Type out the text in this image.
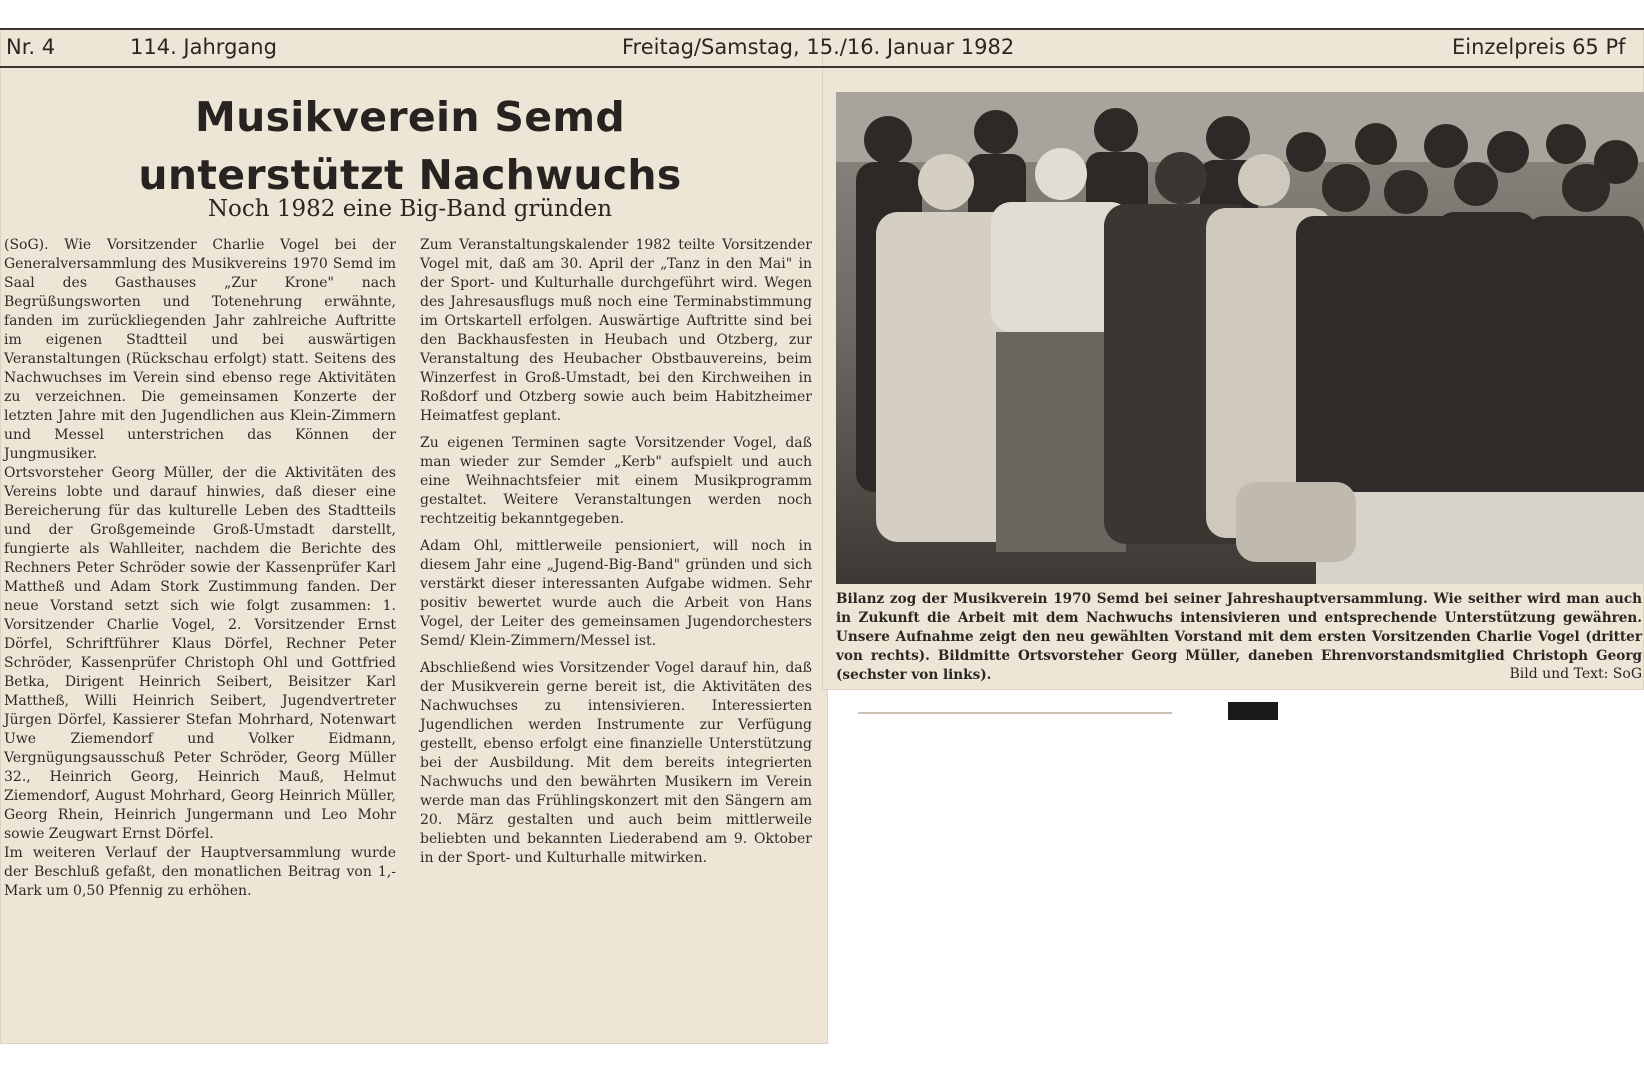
Nr. 4	114. Jahrgang	Freitag/Samstag, 15./16. Januar 1982	Einzelpreis 65 Pf
Musikverein Semd
unterstützt Nachwuchs
Noch 1982 eine Big-Band gründen

(SoG). Wie Vorsitzender Charlie Vogel bei der Generalversammlung des Musikvereins 1970 Semd im Saal des Gasthauses „Zur Krone" nach Begrüßungsworten und Totenehrung erwähnte, fanden im zurückliegenden Jahr zahlreiche Auftritte im eigenen Stadtteil und bei auswärtigen Veranstaltungen (Rückschau erfolgt) statt. Seitens des Nachwuchses im Verein sind ebenso rege Aktivitäten zu verzeichnen. Die gemeinsamen Konzerte der letzten Jahre mit den Jugendlichen aus Klein-Zimmern und Messel unterstrichen das Können der Jungmusiker.

Ortsvorsteher Georg Müller, der die Aktivitäten des Vereins lobte und darauf hinwies, daß dieser eine Bereicherung für das kulturelle Leben des Stadtteils und der Großgemeinde Groß-Umstadt darstellt, fungierte als Wahlleiter, nachdem die Berichte des Rechners Peter Schröder sowie der Kassenprüfer Karl Mattheß und Adam Stork Zustimmung fanden. Der neue Vorstand setzt sich wie folgt zusammen: 1. Vorsitzender Charlie Vogel, 2. Vorsitzender Ernst Dörfel, Schriftführer Klaus Dörfel, Rechner Peter Schröder, Kassenprüfer Christoph Ohl und Gottfried Betka, Dirigent Heinrich Seibert, Beisitzer Karl Mattheß, Willi Heinrich Seibert, Jugendvertreter Jürgen Dörfel, Kassierer Stefan Mohrhard, Notenwart Uwe Ziemendorf und Volker Eidmann, Vergnügungsausschuß Peter Schröder, Georg Müller 32., Heinrich Georg, Heinrich Mauß, Helmut Ziemendorf, August Mohrhard, Georg Heinrich Müller, Georg Rhein, Heinrich Jungermann und Leo Mohr sowie Zeugwart Ernst Dörfel.

Im weiteren Verlauf der Hauptversammlung wurde der Beschluß gefaßt, den monatlichen Beitrag von 1,- Mark um 0,50 Pfennig zu erhöhen.

Zum Veranstaltungskalender 1982 teilte Vorsitzender Vogel mit, daß am 30. April der „Tanz in den Mai" in der Sport- und Kulturhalle durchgeführt wird. Wegen des Jahresausflugs muß noch eine Terminabstimmung im Ortskartell erfolgen. Auswärtige Auftritte sind bei den Backhausfesten in Heubach und Otzberg, zur Veranstaltung des Heubacher Obstbauvereins, beim Winzerfest in Groß-Umstadt, bei den Kirchweihen in Roßdorf und Otzberg sowie auch beim Habitzheimer Heimatfest geplant.

Zu eigenen Terminen sagte Vorsitzender Vogel, daß man wieder zur Semder „Kerb" aufspielt und auch eine Weihnachtsfeier mit einem Musikprogramm gestaltet. Weitere Veranstaltungen werden noch rechtzeitig bekanntgegeben.

Adam Ohl, mittlerweile pensioniert, will noch in diesem Jahr eine „Jugend-Big-Band" gründen und sich verstärkt dieser interessanten Aufgabe widmen. Sehr positiv bewertet wurde auch die Arbeit von Hans Vogel, der Leiter des gemeinsamen Jugendorchesters Semd/ Klein-Zimmern/Messel ist.

Abschließend wies Vorsitzender Vogel darauf hin, daß der Musikverein gerne bereit ist, die Aktivitäten des Nachwuchses zu intensivieren. Interessierten Jugendlichen werden Instrumente zur Verfügung gestellt, ebenso erfolgt eine finanzielle Unterstützung bei der Ausbildung. Mit dem bereits integrierten Nachwuchs und den bewährten Musikern im Verein werde man das Frühlingskonzert mit den Sängern am 20. März gestalten und auch beim mittlerweile beliebten und bekannten Liederabend am 9. Oktober in der Sport- und Kulturhalle mitwirken.

Bilanz zog der Musikverein 1970 Semd bei seiner Jahreshauptversammlung. Wie seither wird man auch in Zukunft die Arbeit mit dem Nachwuchs intensivieren und entsprechende Unterstützung gewähren. Unsere Aufnahme zeigt den neu gewählten Vorstand mit dem ersten Vorsitzenden Charlie Vogel (dritter von rechts). Bildmitte Ortsvorsteher Georg Müller, daneben Ehrenvorstandsmitglied Christoph Georg (sechster von links).	Bild und Text: SoG
